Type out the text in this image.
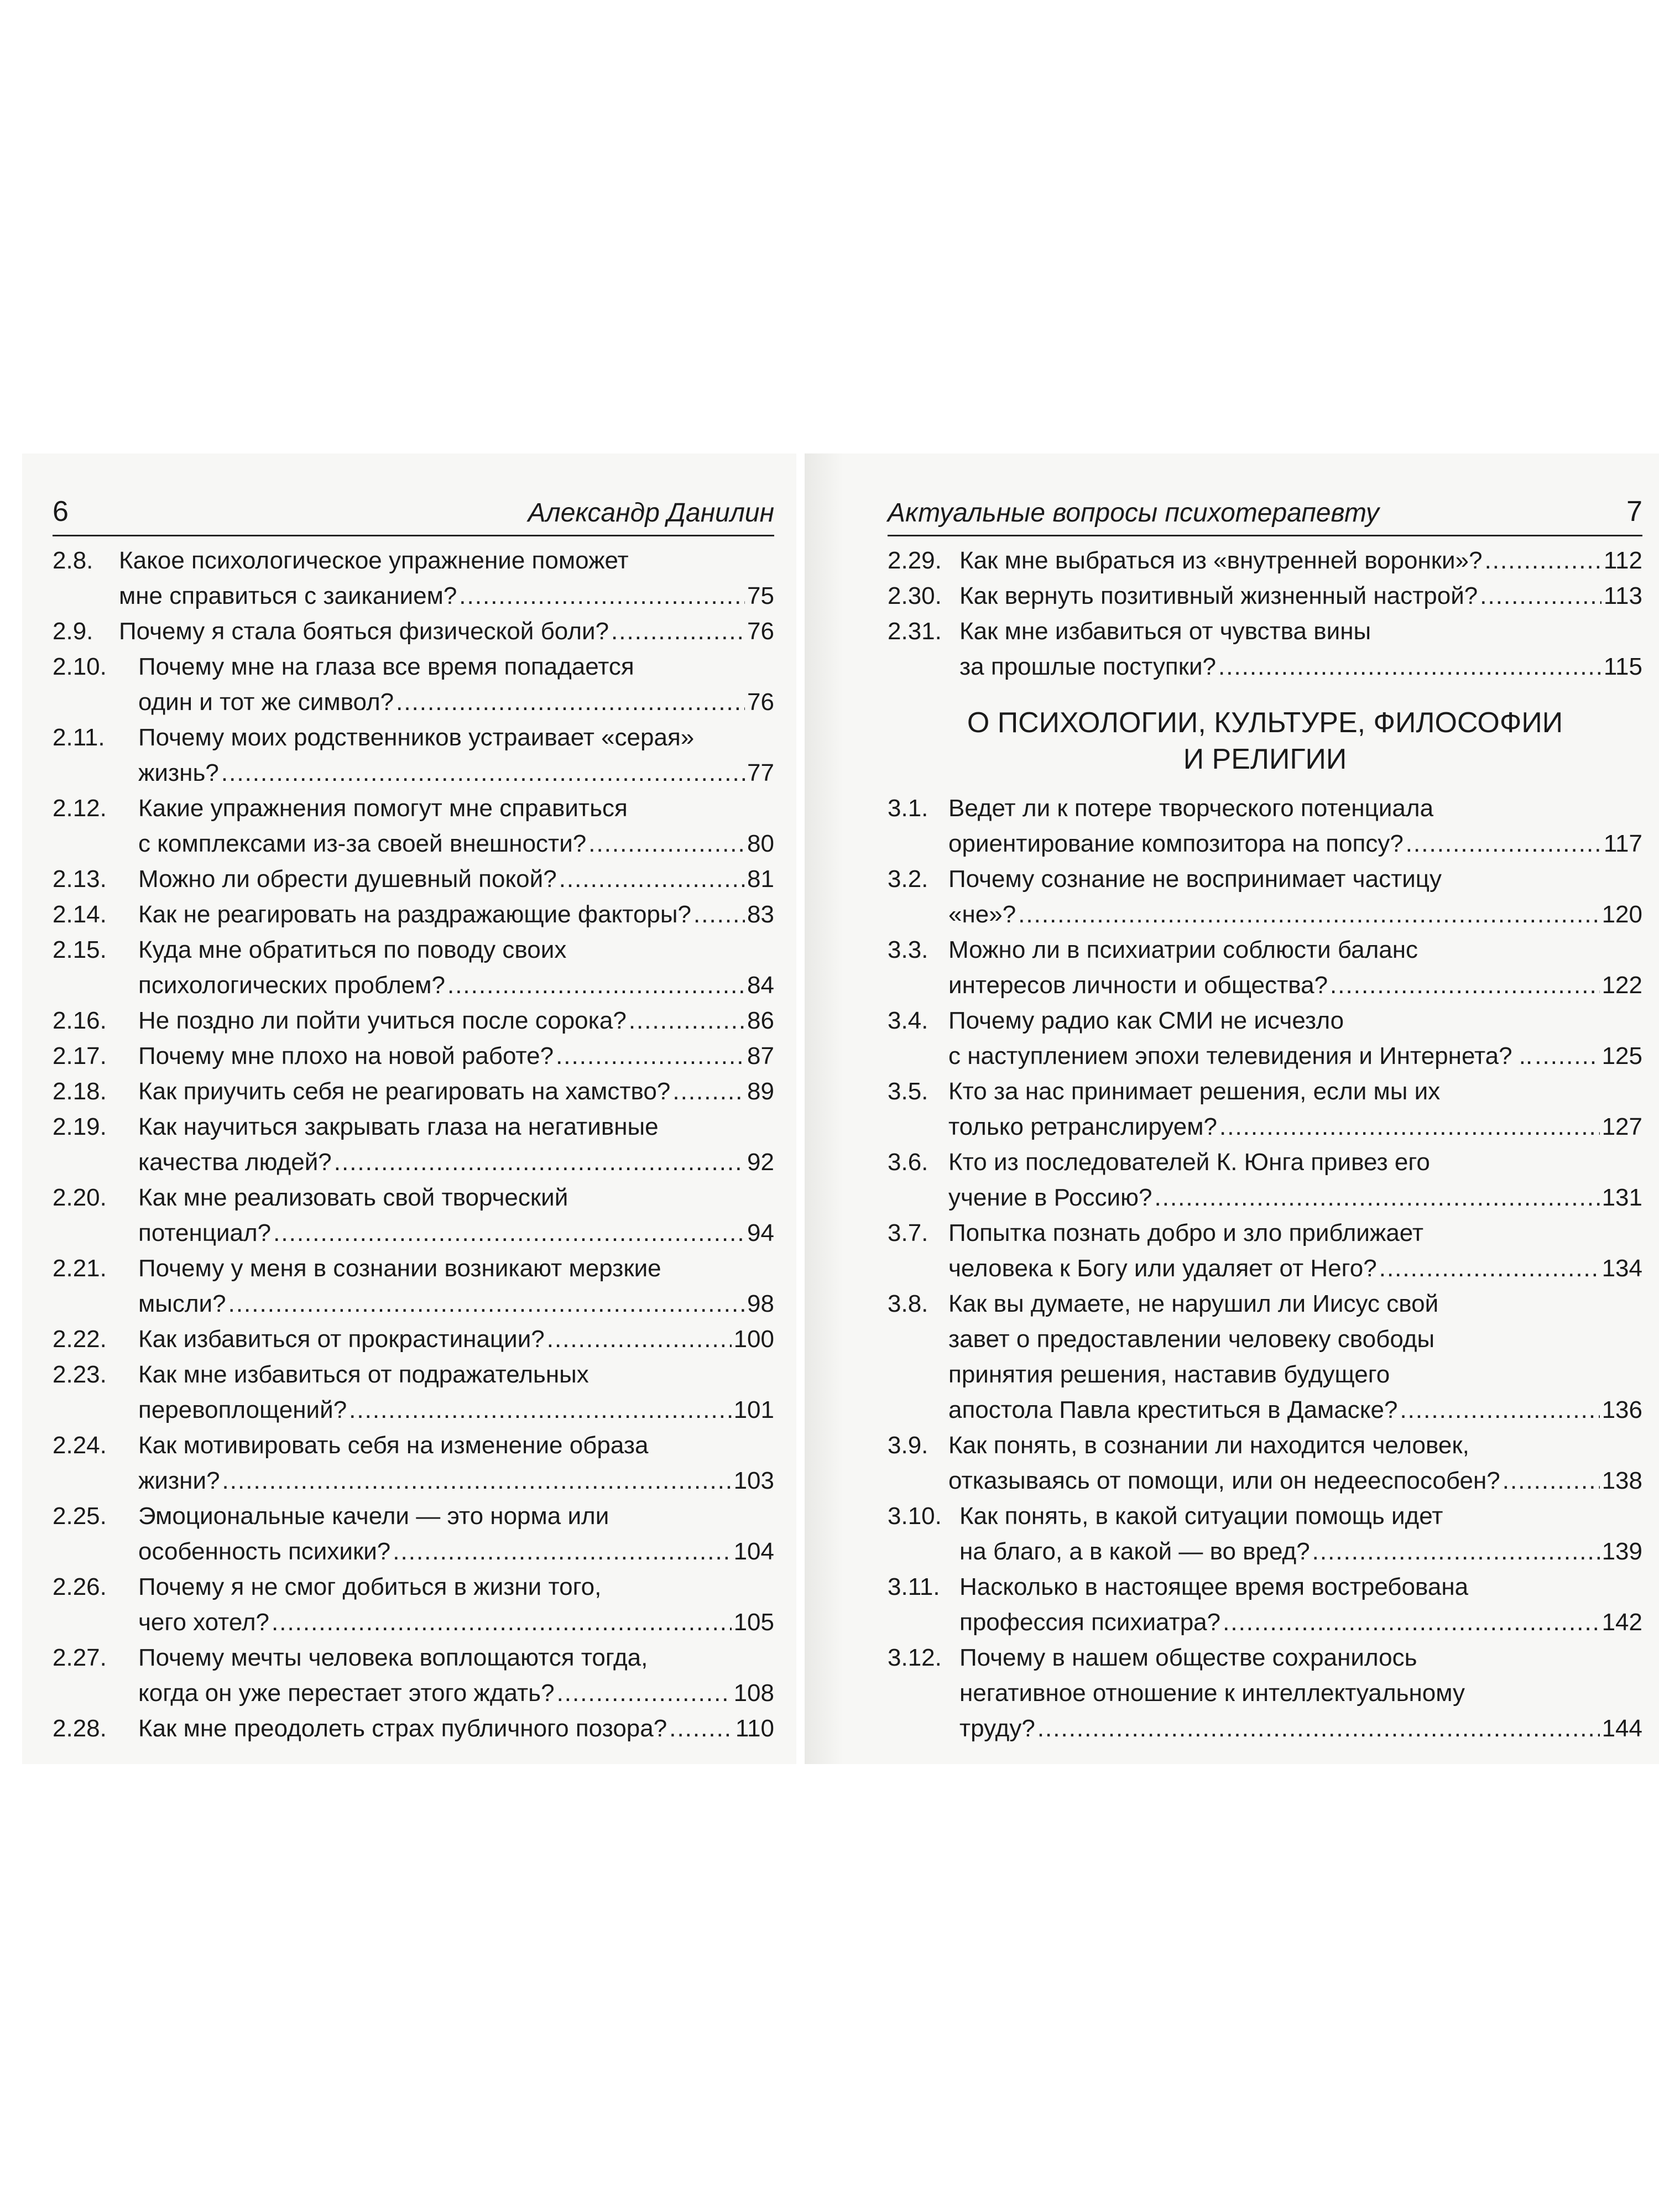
6	Александр Данилин
2.8.	Какое психологическое упражнение поможет
мне справиться с заиканием? .....	75
2.9.	Почему я стала бояться физической боли? .....	76
2.10.	Почему мне на глаза все время попадается
один и тот же символ? .....	76
2.11.	Почему моих родственников устраивает «серая»
жизнь? .....	77
2.12.	Какие упражнения помогут мне справиться
с комплексами из-за своей внешности? .....	80
2.13.	Можно ли обрести душевный покой? .....	81
2.14.	Как не реагировать на раздражающие факторы? ..... 83
2.15.	Куда мне обратиться по поводу своих
психологических проблем? .....	84
2.16.	Не поздно ли пойти учиться после сорока? .....	86
2.17.	Почему мне плохо на новой работе? .....	87
2.18.	Как приучить себя не реагировать на хамство? .....	89
2.19.	Как научиться закрывать глаза на негативные
качества людей? .....	92
2.20.	Как мне реализовать свой творческий
потенциал? .....	94
2.21.	Почему у меня в сознании возникают мерзкие
мысли? .....	98
2.22.	Как избавиться от прокрастинации? .....	100
2.23.	Как мне избавиться от подражательных
перевоплощений? .....	101
2.24.	Как мотивировать себя на изменение образа
жизни? .....	103
2.25.	Эмоциональные качели — это норма или
особенность психики? .....	104
2.26.	Почему я не смог добиться в жизни того,
чего хотел? .....	105
2.27.	Почему мечты человека воплощаются тогда,
когда он уже перестает этого ждать? .....	108
2.28.	Как мне преодолеть страх публичного позора? .....	110
Актуальные вопросы психотерапевту	7
2.29. Как мне выбраться из «внутренней воронки»? .....	112
2.30. Как вернуть позитивный жизненный настрой? .....	113
2.31. Как мне избавиться от чувства вины
за прошлые поступки? .....	115
О ПСИХОЛОГИИ, КУЛЬТУРЕ, ФИЛОСОФИИ
И РЕЛИГИИ
3.1. Ведет ли к потере творческого потенциала
ориентирование композитора на попсу? .....	117
3.2. Почему сознание не воспринимает частицу
«не»? .....	120
3.3. Можно ли в психиатрии соблюсти баланс
интересов личности и общества? .....	122
3.4. Почему радио как СМИ не исчезло
с наступлением эпохи телевидения и Интернета? .. .....	125
3.5. Кто за нас принимает решения, если мы их
только ретранслируем? .....	127
3.6. Кто из последователей К. Юнга привез его
учение в Россию? .....	131
3.7. Попытка познать добро и зло приближает
человека к Богу или удаляет от Него? .....	134
3.8. Как вы думаете, не нарушил ли Иисус свой
завет о предоставлении человеку свободы
принятия решения, наставив будущего
апостола Павла креститься в Дамаске? .....	136
3.9. Как понять, в сознании ли находится человек,
отказываясь от помощи, или он недееспособен? .....	138
3.10. Как понять, в какой ситуации помощь идет
на благо, а в какой — во вред? .....	139
3.11. Насколько в настоящее время востребована
профессия психиатра? .....	142
3.12. Почему в нашем обществе сохранилось
негативное отношение к интеллектуальному
труду? .....	144
